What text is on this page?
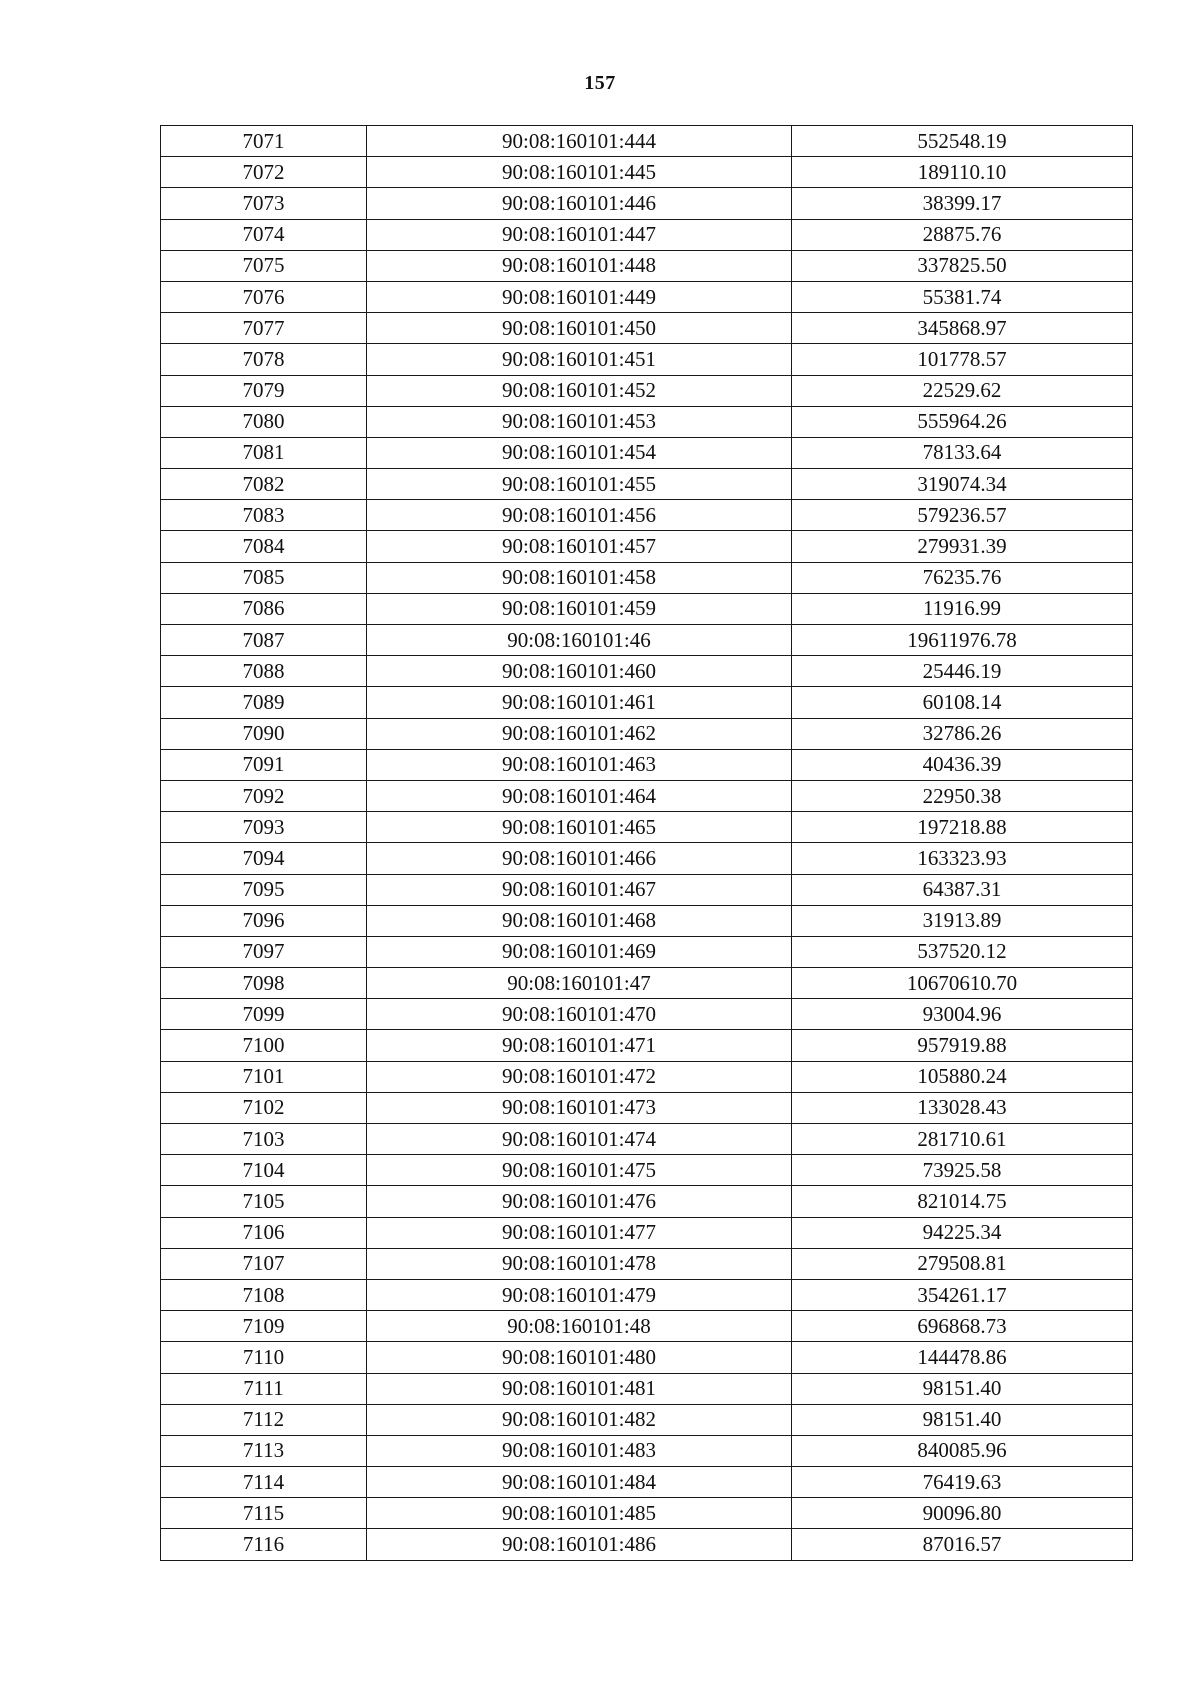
157
7071	90:08:160101:444	552548.19
7072	90:08:160101:445	189110.10
7073	90:08:160101:446	38399.17
7074	90:08:160101:447	28875.76
7075	90:08:160101:448	337825.50
7076	90:08:160101:449	55381.74
7077	90:08:160101:450	345868.97
7078	90:08:160101:451	101778.57
7079	90:08:160101:452	22529.62
7080	90:08:160101:453	555964.26
7081	90:08:160101:454	78133.64
7082	90:08:160101:455	319074.34
7083	90:08:160101:456	579236.57
7084	90:08:160101:457	279931.39
7085	90:08:160101:458	76235.76
7086	90:08:160101:459	11916.99
7087	90:08:160101:46	19611976.78
7088	90:08:160101:460	25446.19
7089	90:08:160101:461	60108.14
7090	90:08:160101:462	32786.26
7091	90:08:160101:463	40436.39
7092	90:08:160101:464	22950.38
7093	90:08:160101:465	197218.88
7094	90:08:160101:466	163323.93
7095	90:08:160101:467	64387.31
7096	90:08:160101:468	31913.89
7097	90:08:160101:469	537520.12
7098	90:08:160101:47	10670610.70
7099	90:08:160101:470	93004.96
7100	90:08:160101:471	957919.88
7101	90:08:160101:472	105880.24
7102	90:08:160101:473	133028.43
7103	90:08:160101:474	281710.61
7104	90:08:160101:475	73925.58
7105	90:08:160101:476	821014.75
7106	90:08:160101:477	94225.34
7107	90:08:160101:478	279508.81
7108	90:08:160101:479	354261.17
7109	90:08:160101:48	696868.73
7110	90:08:160101:480	144478.86
7111	90:08:160101:481	98151.40
7112	90:08:160101:482	98151.40
7113	90:08:160101:483	840085.96
7114	90:08:160101:484	76419.63
7115	90:08:160101:485	90096.80
7116	90:08:160101:486	87016.57
